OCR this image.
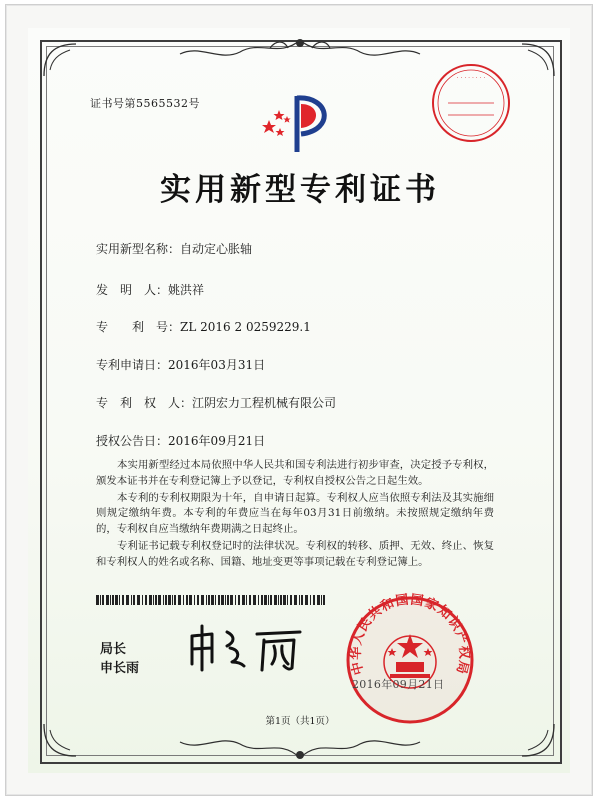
证书号第5565532号
· · · · · · · ·
实用新型专利证书
实用新型名称：自动定心胀轴
发　明　人：姚洪祥
专　　利　号：ZL 2016 2 0259229.1
专利申请日：2016年03月31日
专　利　权　人：江阴宏力工程机械有限公司
授权公告日：2016年09月21日

本实用新型经过本局依照中华人民共和国专利法进行初步审查，决定授予专利权，颁发本证书并在专利登记簿上予以登记，专利权自授权公告之日起生效。

本专利的专利权期限为十年，自申请日起算。专利权人应当依照专利法及其实施细则规定缴纳年费。本专利的年费应当在每年03月31日前缴纳。未按照规定缴纳年费的，专利权自应当缴纳年费期满之日起终止。

专利证书记载专利权登记时的法律状况。专利权的转移、质押、无效、终止、恢复和专利权人的姓名或名称、国籍、地址变更等事项记载在专利登记簿上。

局长
申长雨	中华人民共和国国家知识产权局
2016年09月21日
第1页（共1页）
